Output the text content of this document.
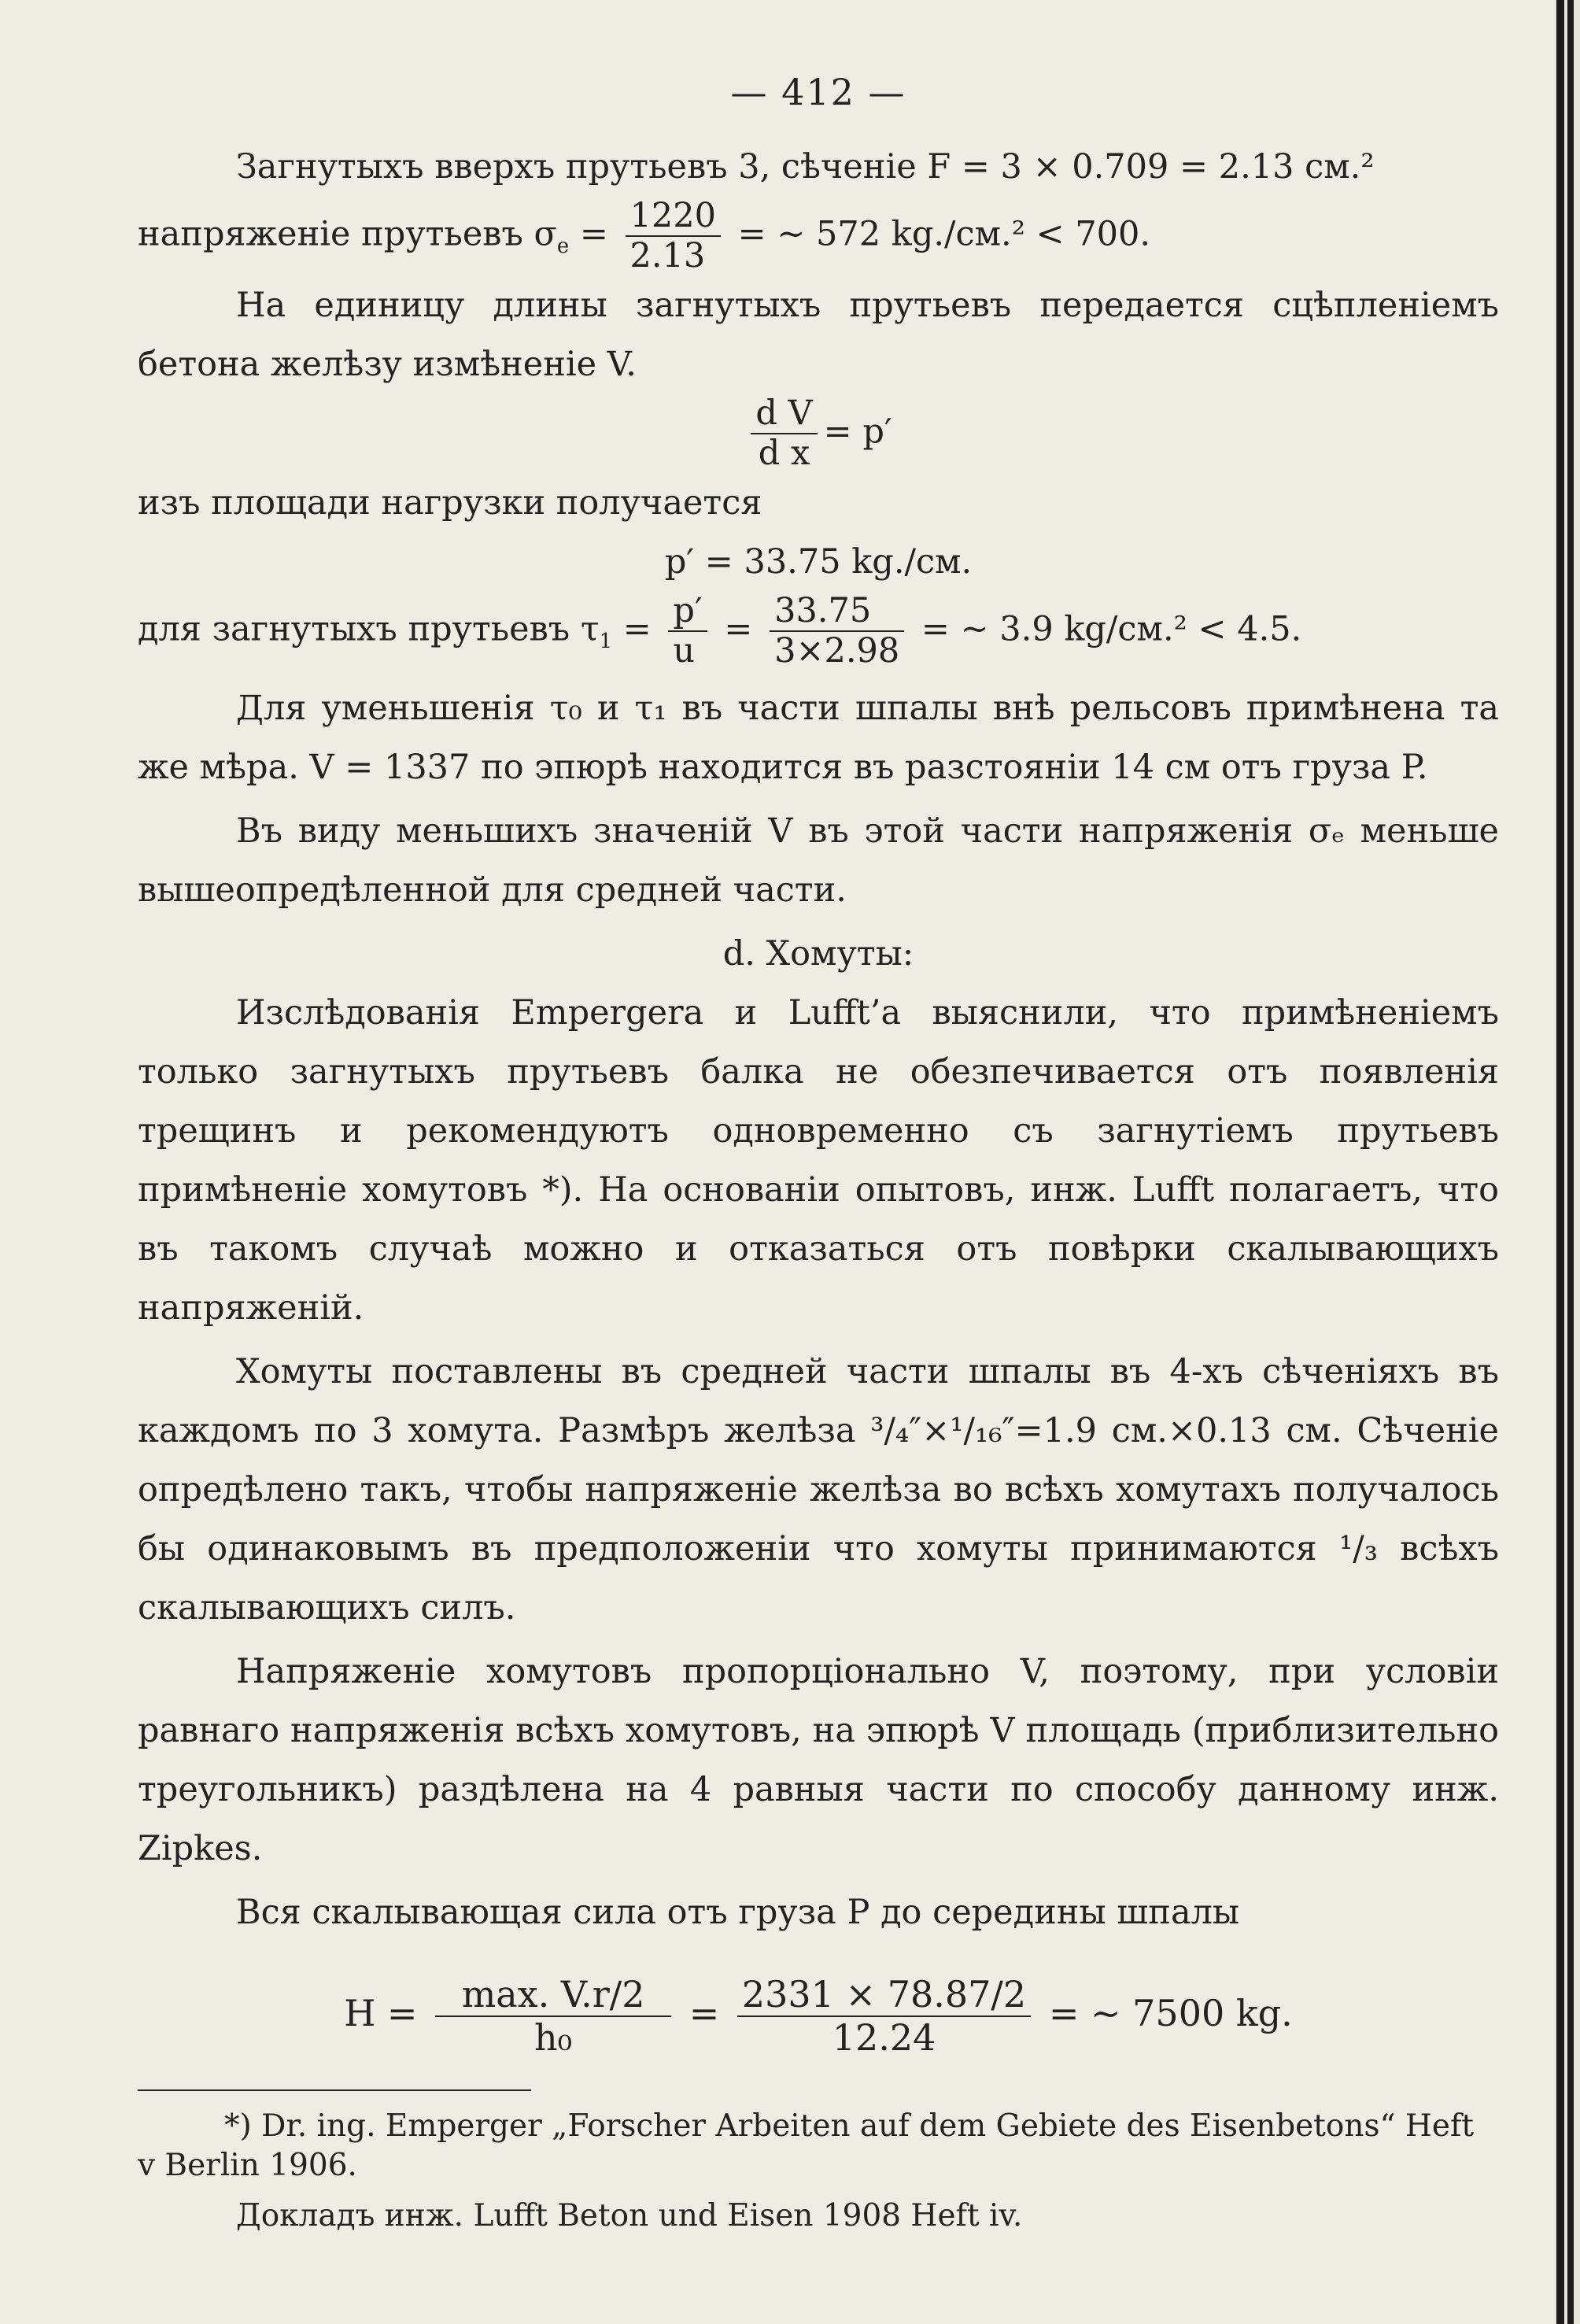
— 412 —

Загнутыхъ вверхъ прутьевъ 3, сѣченіе F = 3 × 0.709 = 2.13 см.²

напряженіе прутьевъ $\sigma_e = \frac{1220}{2.13}$ = ~ 572 kg./см.² < 700.

На единицу длины загнутыхъ прутьевъ передается сцѣпленіемъ бетона желѣзу измѣненіе V.

$\frac{\text{d V}}{\text{d x}} = p'$

изъ площади нагрузки получается

p′ = 33.75 kg./см.

для загнутыхъ прутьевъ $\tau_1 = \frac{p'}{u} = \frac{33.75}{3\times 2.98}$ = ~ 3.9 kg/см.² < 4.5.

Для уменьшенія τ₀ и τ₁ въ части шпалы внѣ рельсовъ примѣнена та же мѣра. V = 1337 по эпюрѣ находится въ разстояніи 14 см отъ груза P.

Въ виду меньшихъ значеній V въ этой части напряженія σₑ меньше вышеопредѣленной для средней части.

d. Хомуты:

Изслѣдованія Empergerа и Lufft’а выяснили, что примѣненіемъ только загнутыхъ прутьевъ балка не обезпечивается отъ появленія трещинъ и рекомендуютъ одновременно съ загнутіемъ прутьевъ примѣненіе хомутовъ *). На основаніи опытовъ, инж. Lufft полагаетъ, что въ такомъ случаѣ можно и отказаться отъ повѣрки скалывающихъ напряженій.

Хомуты поставлены въ средней части шпалы въ 4-хъ сѣченіяхъ въ каждомъ по 3 хомута. Размѣръ желѣза ³/₄″×¹/₁₆″=1.9 см.×0.13 см. Сѣченіе опредѣлено такъ, чтобы напряженіе желѣза во всѣхъ хомутахъ получалось бы одинаковымъ въ предположеніи что хомуты принимаются ¹/₃ всѣхъ скалывающихъ силъ.

Напряженіе хомутовъ пропорціонально V, поэтому, при условіи равнаго напряженія всѣхъ хомутовъ, на эпюрѣ V площадь (приблизительно треугольникъ) раздѣлена на 4 равныя части по способу данному инж. Zipkes.

Вся скалывающая сила отъ груза P до середины шпалы

$H = \frac{\max. V.r/2}{\text{h₀}} = \frac{2331 \times 78.87/2}{12.24}$ = ~ 7500 kg.

*) Dr. ing. Emperger „Forscher Arbeiten auf dem Gebiete des Eisenbetons“ Heft v Berlin 1906.

Докладъ инж. Lufft Beton und Eisen 1908 Heft iv.
